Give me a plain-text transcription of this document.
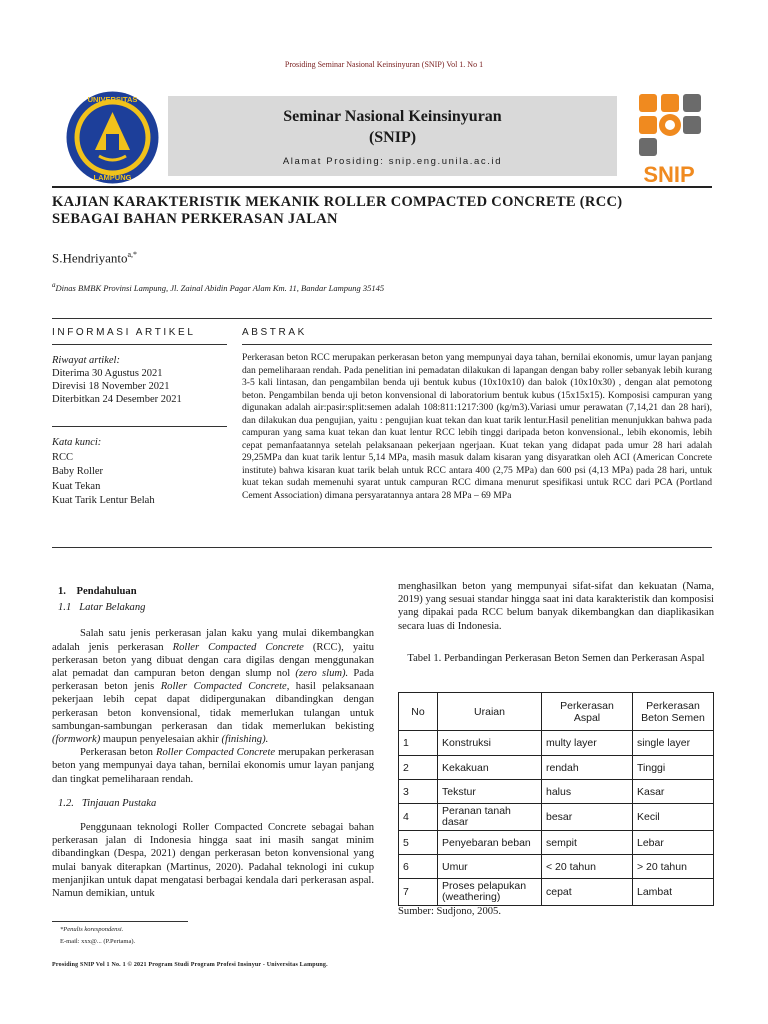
Prosiding Seminar Nasional Keinsinyuran (SNIP) Vol 1. No 1
UNIVERSITAS
LAMPUNG
Seminar Nasional Keinsinyuran
(SNIP)
Alamat Prosiding: snip.eng.unila.ac.id
SNIP
KAJIAN KARAKTERISTIK MEKANIK ROLLER COMPACTED CONCRETE (RCC)
SEBAGAI BAHAN PERKERASAN JALAN
S.Hendriyanto$^{a,*}$
$^a$Dinas BMBK Provinsi Lampung, Jl. Zainal Abidin Pagar Alam Km. 11, Bandar Lampung 35145
INFORMASI ARTIKEL	ABSTRAK
Riwayat artikel:
Diterima 30 Agustus 2021
Direvisi 18 November 2021
Diterbitkan 24 Desember 2021
Kata kunci:
RCC
Baby Roller
Kuat Tekan
Kuat Tarik Lentur Belah
Perkerasan beton RCC merupakan perkerasan beton yang mempunyai daya tahan, bernilai ekonomis, umur layan panjang dan pemeliharaan rendah. Pada penelitian ini pemadatan dilakukan di lapangan dengan baby roller sebanyak lebih kurang 3-5 kali lintasan, dan pengambilan benda uji bentuk kubus (10x10x10) dan balok (10x10x30) , dengan alat pemotong beton. Pengambilan benda uji beton konvensional di laboratorium bentuk kubus (15x15x15). Komposisi campuran yang digunakan adalah air:pasir:split:semen adalah 108:811:1217:300 (kg/m3).Variasi umur perawatan (7,14,21 dan 28 hari), dan dilakukan dua pengujian, yaitu : pengujian kuat tekan dan kuat tarik lentur.Hasil penelitian menunjukkan bahwa pada campuran yang sama kuat tekan dan kuat lentur RCC lebih tinggi daripada beton konvensional., lebih ekonomis, lebih cepat pemanfaatannya setelah pelaksanaan pekerjaan ngerjaan. Kuat tekan yang didapat pada umur 28 hari adalah 29,25MPa dan kuat tarik lentur 5,14 MPa, masih masuk dalam kisaran yang disyaratkan oleh ACI (American Concrete institute) bahwa kisaran kuat tarik belah untuk RCC antara 400 (2,75 MPa) dan 600 psi (4,13 MPa) pada 28 hari, untuk kuat tekan sudah memenuhi syarat untuk campuran RCC dimana menurut spesifikasi untuk RCC dari PCA (Portland Cement Association) dimana persyaratannya antara 28 MPa – 69 MPa
1. Pendahuluan
1.1 Latar Belakang

Salah satu jenis perkerasan jalan kaku yang mulai dikembangkan adalah jenis perkerasan Roller Compacted Concrete (RCC), yaitu perkerasan beton yang dibuat dengan cara digilas dengan menggunakan alat pemadat dan campuran beton dengan slump nol (zero slum). Pada perkerasan beton jenis Roller Compacted Concrete, hasil pelaksanaan pekerjaan lebih cepat dapat didipergunakan dibandingkan dengan perkerasan beton konvensional, tidak memerlukan tulangan untuk sambungan-sambungan perkerasan dan tidak memerlukan bekisting (formwork) maupun penyelesaian akhir (finishing).

Perkerasan beton Roller Compacted Concrete merupakan perkerasan beton yang mempunyai daya tahan, bernilai ekonomis umur layan panjang dan tingkat pemeliharaan rendah.

1.2. Tinjauan Pustaka

Penggunaan teknologi Roller Compacted Concrete sebagai bahan perkerasan jalan di Indonesia hingga saat ini masih sangat minim dibandingkan (Despa, 2021) dengan perkerasan beton konvensional yang mulai banyak diterapkan (Martinus, 2020). Padahal teknologi ini cukup menjanjikan untuk dapat mengatasi berbagai kendala dari perkerasan aspal. Namun demikian, untuk

*Penulis korespondensi.
E-mail: xxx@... (P.Pertama).

menghasilkan beton yang mempunyai sifat-sifat dan kekuatan (Nama, 2019) yang sesuai standar hingga saat ini data karakteristik dan komposisi yang dipakai pada RCC belum banyak dikembangkan dan diaplikasikan secara luas di Indonesia.

Tabel 1. Perbandingan Perkerasan Beton Semen dan Perkerasan Aspal
No	Uraian	Perkerasan Aspal	Perkerasan Beton Semen
1	Konstruksi	multy layer	single layer
2	Kekakuan	rendah	Tinggi
3	Tekstur	halus	Kasar
4	Peranan tanah dasar	besar	Kecil
5	Penyebaran beban	sempit	Lebar
6	Umur	< 20 tahun	> 20 tahun
7	Proses pelapukan (weathering)	cepat	Lambat
Sumber: Sudjono, 2005.
Prosiding SNIP Vol 1 No. 1 © 2021 Program Studi Program Profesi Insinyur - Universitas Lampung.
